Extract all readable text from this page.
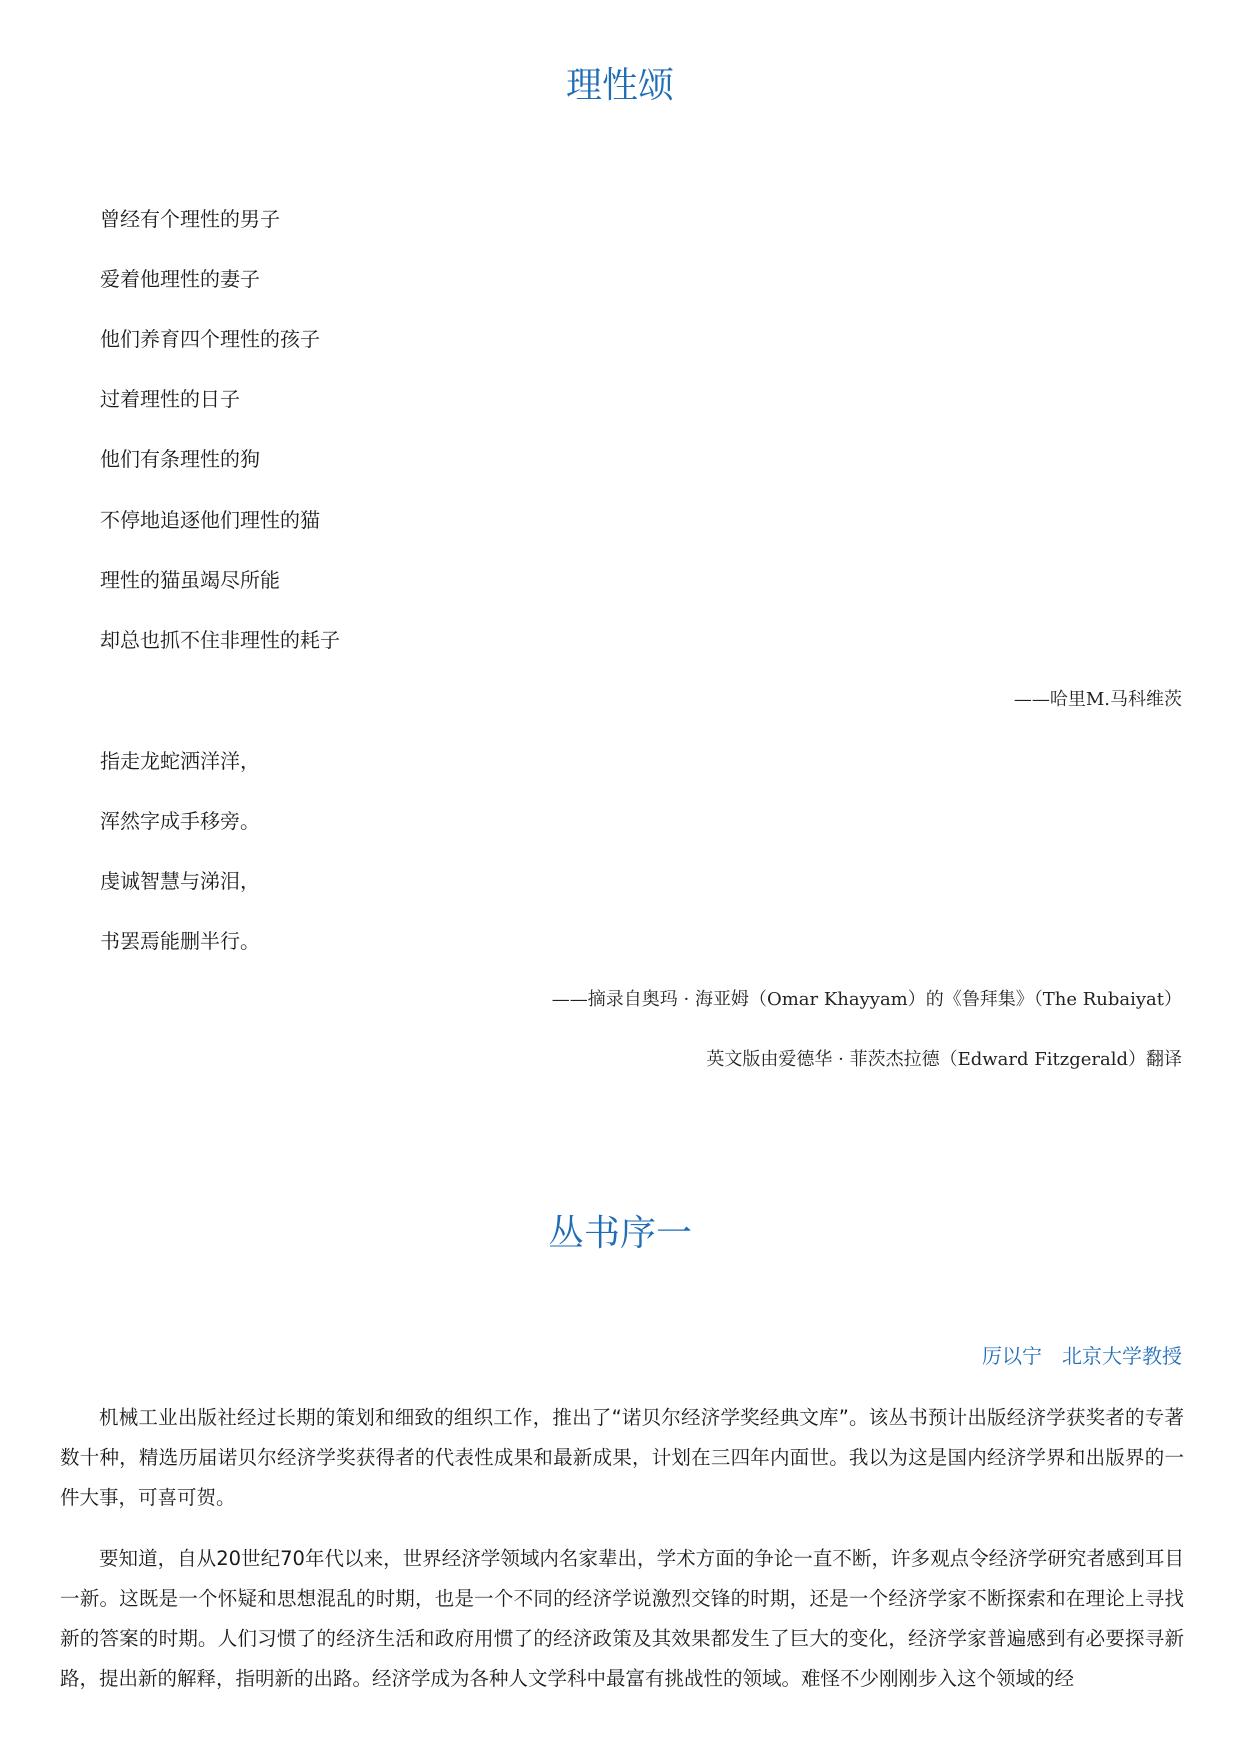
理性颂
曾经有个理性的男子
爱着他理性的妻子
他们养育四个理性的孩子
过着理性的日子
他们有条理性的狗
不停地追逐他们理性的猫
理性的猫虽竭尽所能
却总也抓不住非理性的耗子
——哈里M.马科维茨
指走龙蛇洒洋洋，
浑然字成手移旁。
虔诚智慧与涕泪，
书罢焉能删半行。
——摘录自奥玛 · 海亚姆（Omar Khayyam）的《鲁拜集》（The Rubaiyat）
英文版由爱德华 · 菲茨杰拉德（Edward Fitzgerald）翻译
丛书序一
厉以宁　北京大学教授

机械工业出版社经过长期的策划和细致的组织工作，推出了“诺贝尔经济学奖经典文库”。该丛书预计出版经济学获奖者的专著数十种，精选历届诺贝尔经济学奖获得者的代表性成果和最新成果，计划在三四年内面世。我以为这是国内经济学界和出版界的一件大事，可喜可贺。

要知道，自从20世纪70年代以来，世界经济学领域内名家辈出，学术方面的争论一直不断，许多观点令经济学研究者感到耳目一新。这既是一个怀疑和思想混乱的时期，也是一个不同的经济学说激烈交锋的时期，还是一个经济学家不断探索和在理论上寻找新的答案的时期。人们习惯了的经济生活和政府用惯了的经济政策及其效果都发生了巨大的变化，经济学家普遍感到有必要探寻新路，提出新的解释，指明新的出路。经济学成为各种人文学科中最富有挑战性的领域。难怪不少刚刚步入这个领域的经
